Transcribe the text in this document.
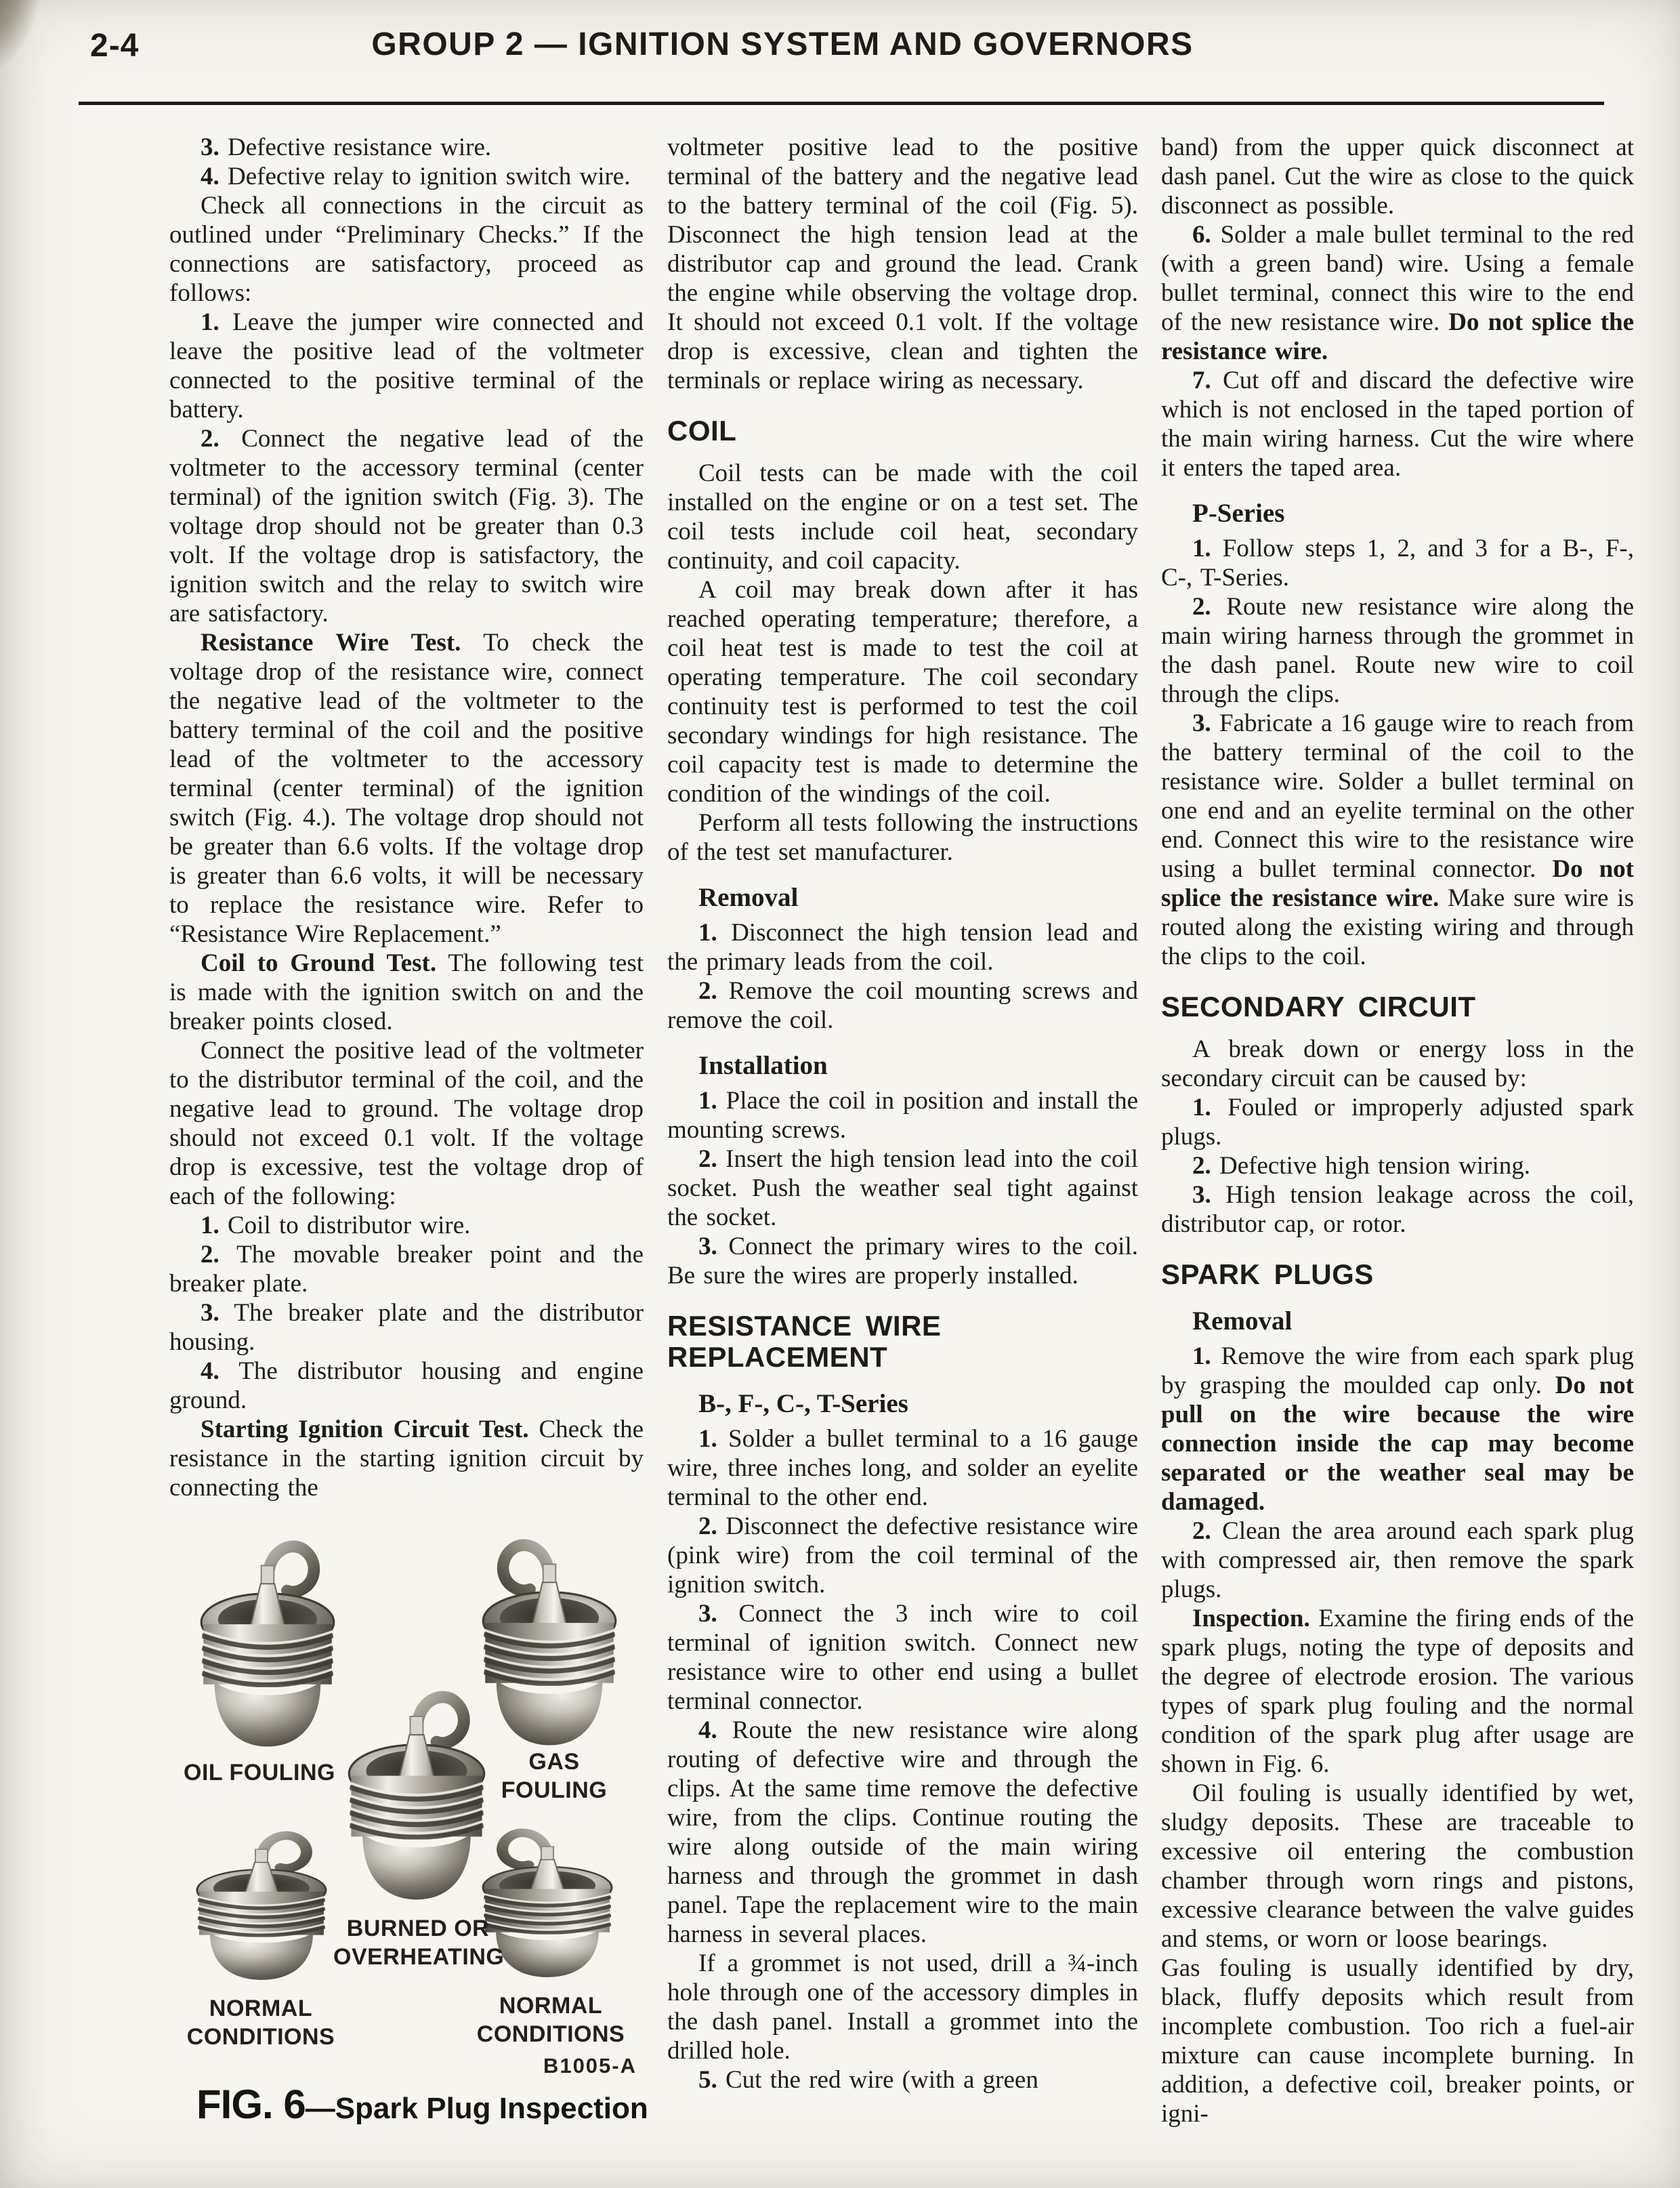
2-4	GROUP 2 — IGNITION SYSTEM AND GOVERNORS

3. Defective resistance wire.

4. Defective relay to ignition switch wire.

Check all connections in the circuit as outlined under “Preliminary Checks.” If the connections are satisfactory, proceed as follows:

1. Leave the jumper wire connected and leave the positive lead of the voltmeter connected to the positive terminal of the battery.

2. Connect the negative lead of the voltmeter to the accessory terminal (center terminal) of the ignition switch (Fig. 3). The voltage drop should not be greater than 0.3 volt. If the voltage drop is satisfactory, the ignition switch and the relay to switch wire are satisfactory.

Resistance Wire Test. To check the voltage drop of the resistance wire, connect the negative lead of the voltmeter to the battery terminal of the coil and the positive lead of the voltmeter to the accessory terminal (center terminal) of the ignition switch (Fig. 4.). The voltage drop should not be greater than 6.6 volts. If the voltage drop is greater than 6.6 volts, it will be necessary to replace the resistance wire. Refer to “Resistance Wire Replacement.”

Coil to Ground Test. The following test is made with the ignition switch on and the breaker points closed.

Connect the positive lead of the voltmeter to the distributor terminal of the coil, and the negative lead to ground. The voltage drop should not exceed 0.1 volt. If the voltage drop is excessive, test the voltage drop of each of the following:

1. Coil to distributor wire.

2. The movable breaker point and the breaker plate.

3. The breaker plate and the distributor housing.

4. The distributor housing and engine ground.

Starting Ignition Circuit Test. Check the resistance in the starting ignition circuit by connecting the

OIL FOULING	GAS FOULING
BURNED OR OVERHEATING
NORMAL CONDITIONS
NORMAL CONDITIONS
B1005-A
FIG. 6—Spark Plug Inspection

voltmeter positive lead to the positive terminal of the battery and the negative lead to the battery terminal of the coil (Fig. 5). Disconnect the high tension lead at the distributor cap and ground the lead. Crank the engine while observing the voltage drop. It should not exceed 0.1 volt. If the voltage drop is excessive, clean and tighten the terminals or replace wiring as necessary.

COIL

Coil tests can be made with the coil installed on the engine or on a test set. The coil tests include coil heat, secondary continuity, and coil capacity.

A coil may break down after it has reached operating temperature; therefore, a coil heat test is made to test the coil at operating temperature. The coil secondary continuity test is performed to test the coil secondary windings for high resistance. The coil capacity test is made to determine the condition of the windings of the coil.

Perform all tests following the instructions of the test set manufacturer.

Removal

1. Disconnect the high tension lead and the primary leads from the coil.

2. Remove the coil mounting screws and remove the coil.

Installation

1. Place the coil in position and install the mounting screws.

2. Insert the high tension lead into the coil socket. Push the weather seal tight against the socket.

3. Connect the primary wires to the coil. Be sure the wires are properly installed.

RESISTANCE WIRE REPLACEMENT
B-, F-, C-, T-Series

1. Solder a bullet terminal to a 16 gauge wire, three inches long, and solder an eyelite terminal to the other end.

2. Disconnect the defective resistance wire (pink wire) from the coil terminal of the ignition switch.

3. Connect the 3 inch wire to coil terminal of ignition switch. Connect new resistance wire to other end using a bullet terminal connector.

4. Route the new resistance wire along routing of defective wire and through the clips. At the same time remove the defective wire, from the clips. Continue routing the wire along outside of the main wiring harness and through the grommet in dash panel. Tape the replacement wire to the main harness in several places.

If a grommet is not used, drill a ¾-inch hole through one of the accessory dimples in the dash panel. Install a grommet into the drilled hole.

5. Cut the red wire (with a green

band) from the upper quick disconnect at dash panel. Cut the wire as close to the quick disconnect as possible.

6. Solder a male bullet terminal to the red (with a green band) wire. Using a female bullet terminal, connect this wire to the end of the new resistance wire. Do not splice the resistance wire.

7. Cut off and discard the defective wire which is not enclosed in the taped portion of the main wiring harness. Cut the wire where it enters the taped area.

P-Series

1. Follow steps 1, 2, and 3 for a B-, F-, C-, T-Series.

2. Route new resistance wire along the main wiring harness through the grommet in the dash panel. Route new wire to coil through the clips.

3. Fabricate a 16 gauge wire to reach from the battery terminal of the coil to the resistance wire. Solder a bullet terminal on one end and an eyelite terminal on the other end. Connect this wire to the resistance wire using a bullet terminal connector. Do not splice the resistance wire. Make sure wire is routed along the existing wiring and through the clips to the coil.

SECONDARY CIRCUIT

A break down or energy loss in the secondary circuit can be caused by:

1. Fouled or improperly adjusted spark plugs.

2. Defective high tension wiring.

3. High tension leakage across the coil, distributor cap, or rotor.

SPARK PLUGS
Removal

1. Remove the wire from each spark plug by grasping the moulded cap only. Do not pull on the wire because the wire connection inside the cap may become separated or the weather seal may be damaged.

2. Clean the area around each spark plug with compressed air, then remove the spark plugs.

Inspection. Examine the firing ends of the spark plugs, noting the type of deposits and the degree of electrode erosion. The various types of spark plug fouling and the normal condition of the spark plug after usage are shown in Fig. 6.

Oil fouling is usually identified by wet, sludgy deposits. These are traceable to excessive oil entering the combustion chamber through worn rings and pistons, excessive clearance between the valve guides and stems, or worn or loose bearings.

Gas fouling is usually identified by dry, black, fluffy deposits which result from incomplete combustion. Too rich a fuel-air mixture can cause incomplete burning. In addition, a defective coil, breaker points, or igni-
